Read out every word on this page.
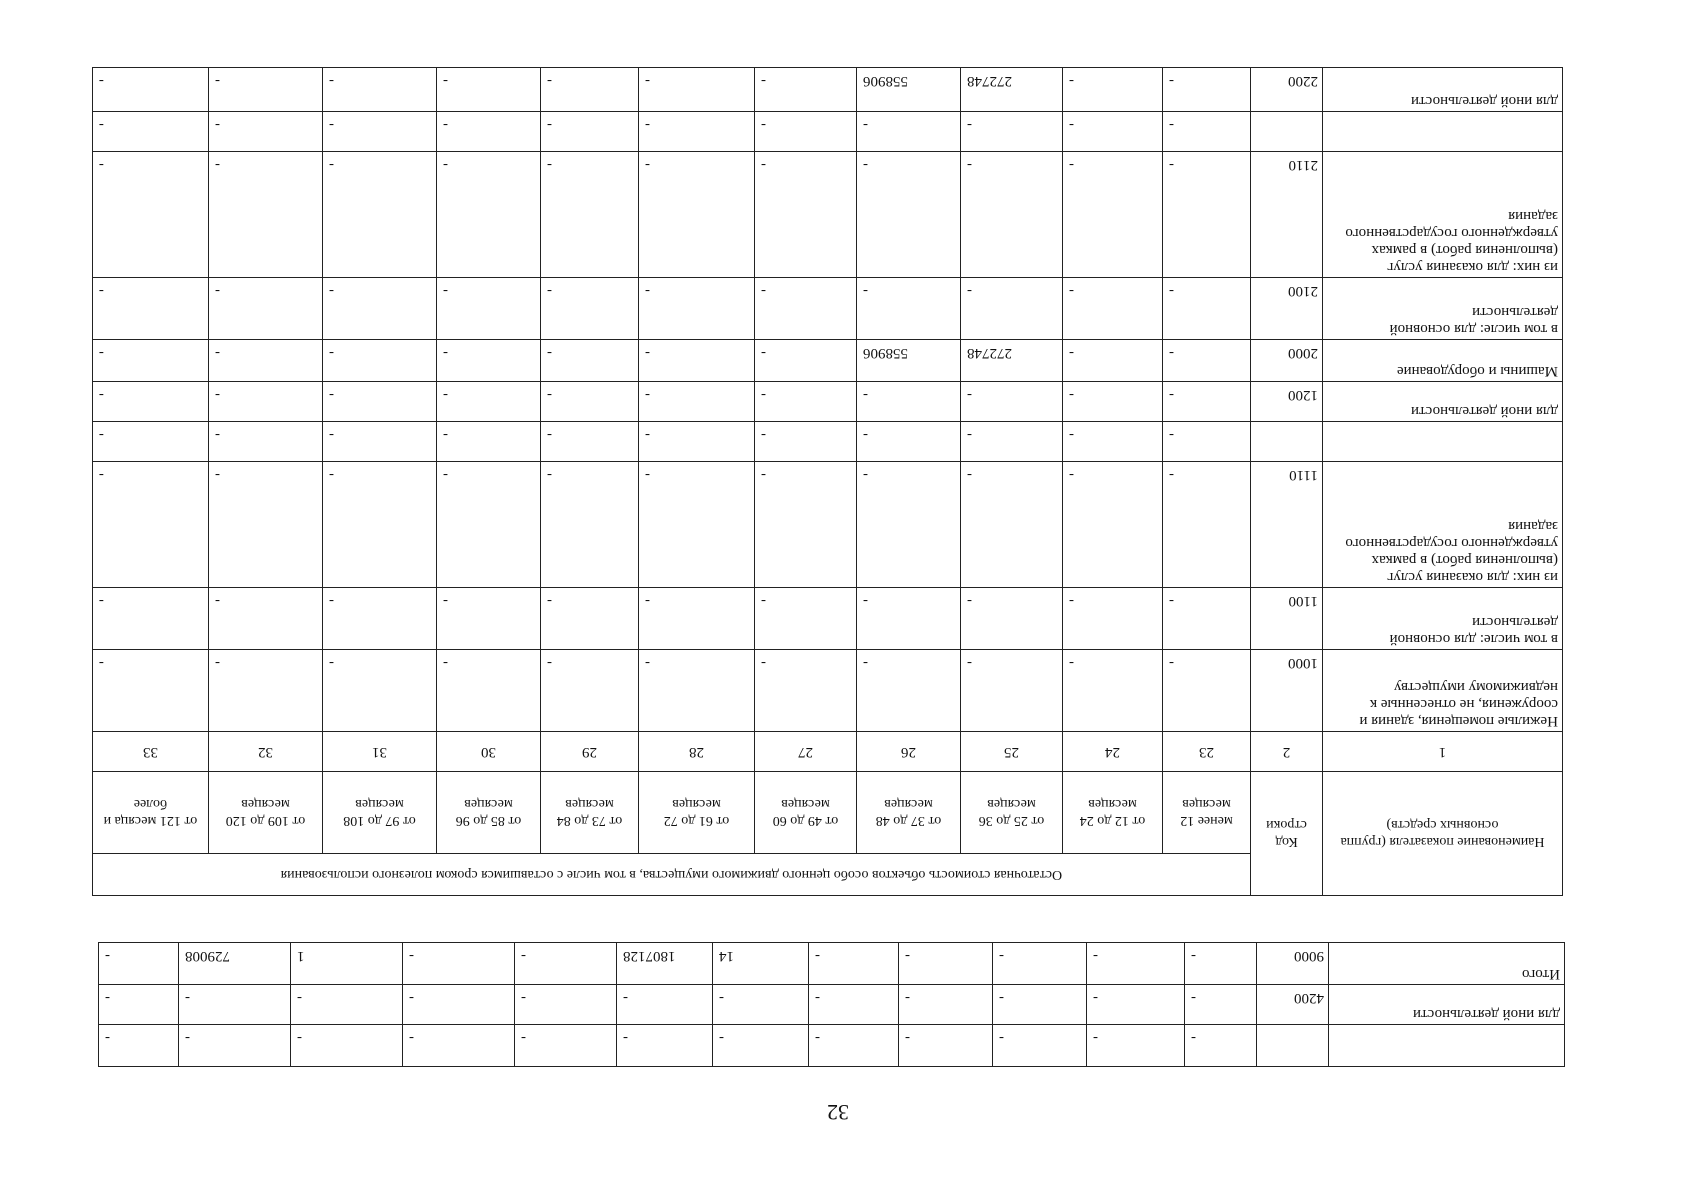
		-	-	-	-	-	-	-	-	-	-	-	-
для иной деятельности	4200	-	-	-	-	-	-	-	-	-	-	-	-
Итого	9000	-	-	-	-	-	14	1807128	-	-	1	729008	-
Наименование показателя (группа основных средств)	Код строки	Остаточная стоимость объектов особо ценного движимого имущества, в том числе с оставшимся сроком полезного использования											
		менее 12 месяцев	от 12 до 24 месяцев	от 25 до 36 месяцев	от 37 до 48 месяцев	от 49 до 60 месяцев	от 61 до 72 месяцев	от 73 до 84 месяцев	от 85 до 96 месяцев	от 97 до 108 месяцев	от 109 до 120 месяцев	от 121 месяца и более	
1	2	23	24	25	26	27	28	29	30	31	32	33	
Нежилые помещения, здания и сооружения, не отнесенные к недвижимому имуществу	1000	-	-	-	-	-	-	-	-	-	-	-	
в том числе: для основной деятельности	1100	-	-	-	-	-	-	-	-	-	-	-	
из них: для оказания услуг (выполнения работ) в рамках утвержденного государственного задания	1110	-	-	-	-	-	-	-	-	-	-	-	
		-	-	-	-	-	-	-	-	-	-	-	
для иной деятельности	1200	-	-	-	-	-	-	-	-	-	-	-	
Машины и оборудование	2000	-	-	272748	558906	-	-	-	-	-	-	-	
в том числе: для основной деятельности	2100	-	-	-	-	-	-	-	-	-	-	-	
из них: для оказания услуг (выполнения работ) в рамках утвержденного государственного задания	2110	-	-	-	-	-	-	-	-	-	-	-	
		-	-	-	-	-	-	-	-	-	-	-	
для иной деятельности	2200	-	-	272748	558906	-	-	-	-	-	-	-	
32
